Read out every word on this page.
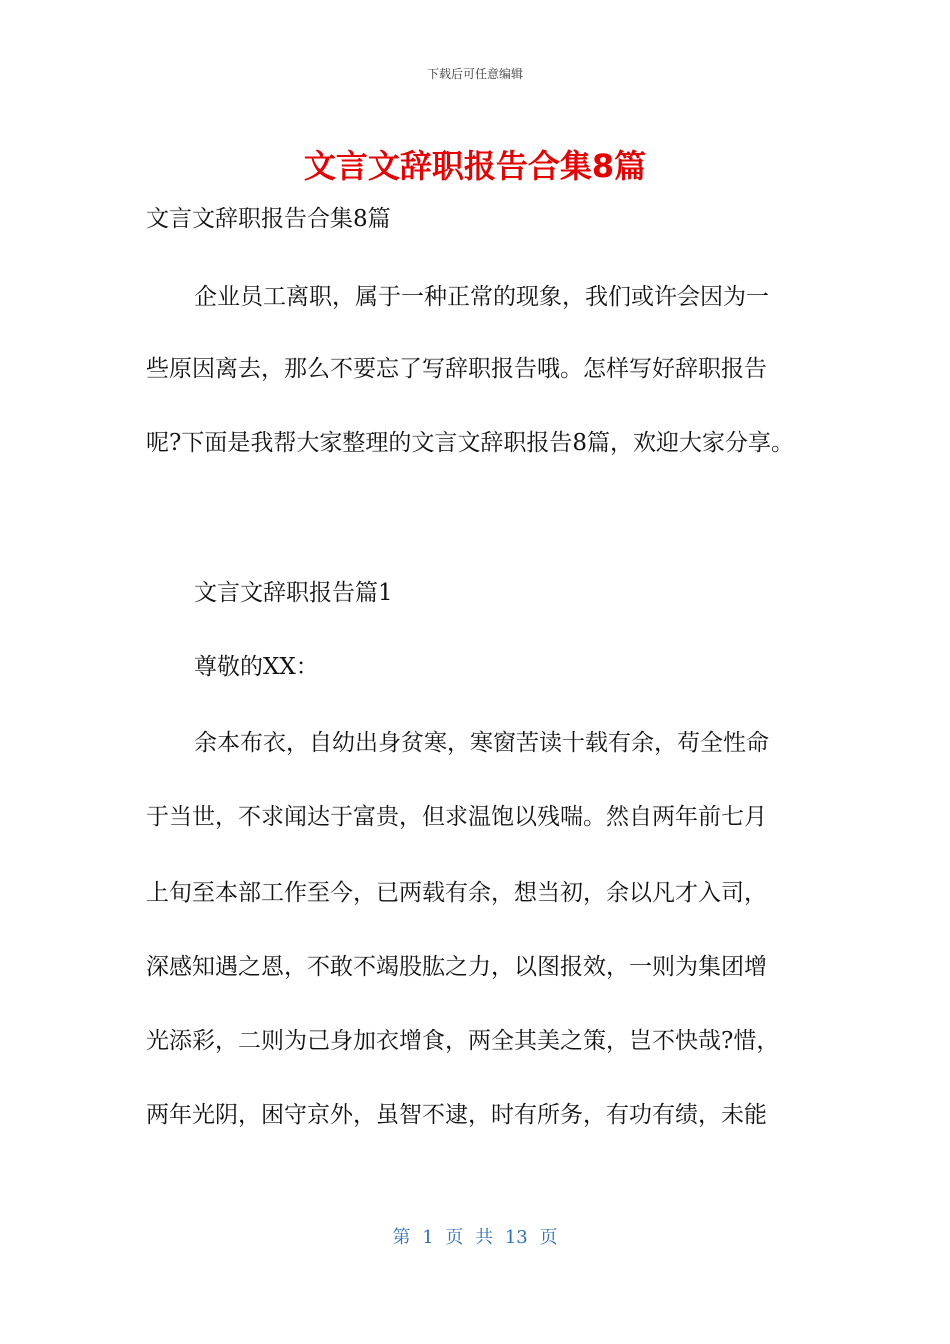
下载后可任意编辑
文言文辞职报告合集8篇
文言文辞职报告合集8篇
企业员工离职，属于一种正常的现象，我们或许会因为一
些原因离去，那么不要忘了写辞职报告哦。怎样写好辞职报告
呢?下面是我帮大家整理的文言文辞职报告8篇，欢迎大家分享。
文言文辞职报告篇1
尊敬的XX：
余本布衣，自幼出身贫寒，寒窗苦读十载有余，苟全性命
于当世，不求闻达于富贵，但求温饱以残喘。然自两年前七月
上旬至本部工作至今，已两载有余，想当初，余以凡才入司，
深感知遇之恩，不敢不竭股肱之力，以图报效，一则为集团增
光添彩，二则为己身加衣增食，两全其美之策，岂不快哉?惜，
两年光阴，困守京外，虽智不逮，时有所务，有功有绩，未能
第 1 页 共 13 页
